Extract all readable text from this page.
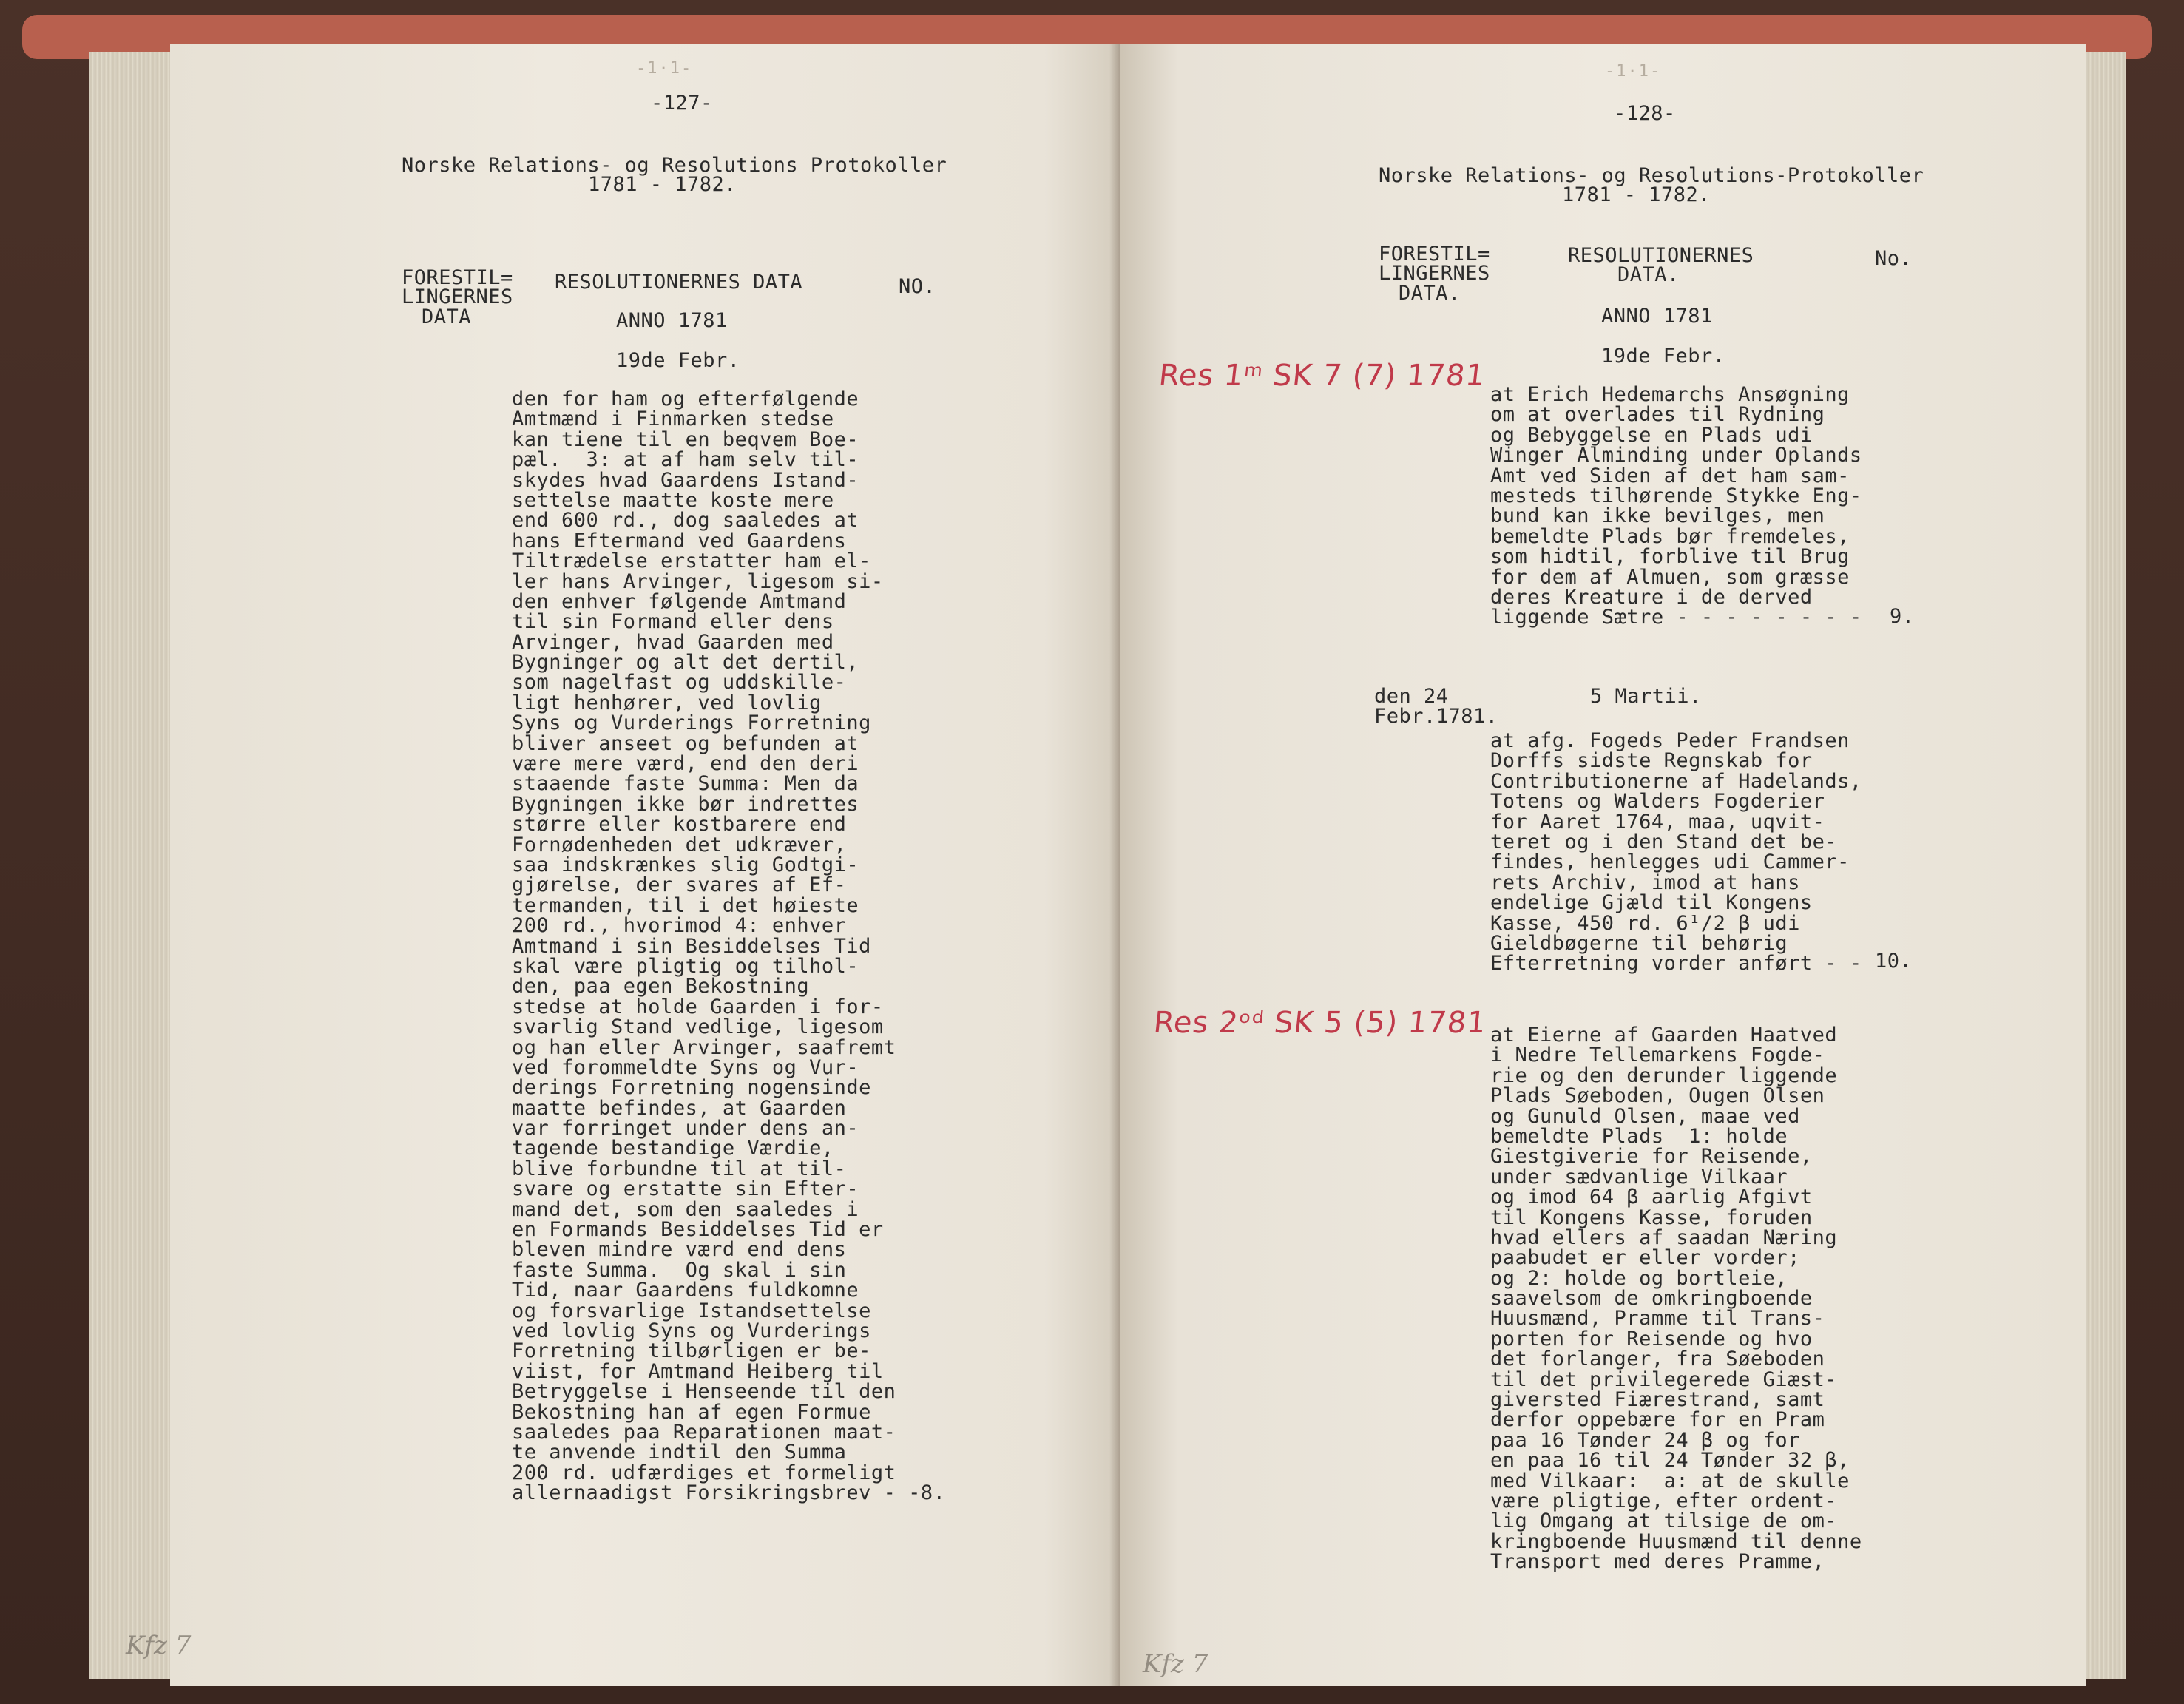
-1·1-
-127-
Norske Relations- og Resolutions Protokoller
1781 - 1782.
FORESTIL=
LINGERNES
DATA
RESOLUTIONERNES DATA	NO.
ANNO 1781
19de Febr.
den for ham og efterfølgende
Amtmænd i Finmarken stedse
kan tiene til en beqvem Boe-
pæl.  3: at af ham selv til-
skydes hvad Gaardens Istand-
settelse maatte koste mere
end 600 rd., dog saaledes at
hans Eftermand ved Gaardens
Tiltrædelse erstatter ham el-
ler hans Arvinger, ligesom si-
den enhver følgende Amtmand
til sin Formand eller dens
Arvinger, hvad Gaarden med
Bygninger og alt det dertil,
som nagelfast og uddskille-
ligt henhører, ved lovlig
Syns og Vurderings Forretning
bliver anseet og befunden at
være mere værd, end den deri
staaende faste Summa: Men da
Bygningen ikke bør indrettes
større eller kostbarere end
Fornødenheden det udkræver,
saa indskrænkes slig Godtgi-
gjørelse, der svares af Ef-
termanden, til i det høieste
200 rd., hvorimod 4: enhver
Amtmand i sin Besiddelses Tid
skal være pligtig og tilhol-
den, paa egen Bekostning
stedse at holde Gaarden i for-
svarlig Stand vedlige, ligesom
og han eller Arvinger, saafremt
ved forommeldte Syns og Vur-
derings Forretning nogensinde
maatte befindes, at Gaarden
var forringet under dens an-
tagende bestandige Værdie,
blive forbundne til at til-
svare og erstatte sin Efter-
mand det, som den saaledes i
en Formands Besiddelses Tid er
bleven mindre værd end dens
faste Summa.  Og skal i sin
Tid, naar Gaardens fuldkomne
og forsvarlige Istandsettelse
ved lovlig Syns og Vurderings
Forretning tilbørligen er be-
viist, for Amtmand Heiberg til
Betryggelse i Henseende til den
Bekostning han af egen Formue
saaledes paa Reparationen maat-
te anvende indtil den Summa
200 rd. udfærdiges et formeligt
allernaadigst Forsikringsbrev - -8.
Kfz 7
-1·1-
-128-
Norske Relations- og Resolutions-Protokoller
1781 - 1782.
FORESTIL=
LINGERNES
DATA.
RESOLUTIONERNES
DATA.
No.
ANNO 1781
19de Febr.
Res 1ᵐ SK 7 (7) 1781
at Erich Hedemarchs Ansøgning
om at overlades til Rydning
og Bebyggelse en Plads udi
Winger Alminding under Oplands
Amt ved Siden af det ham sam-
mesteds tilhørende Stykke Eng-
bund kan ikke bevilges, men
bemeldte Plads bør fremdeles,
som hidtil, forblive til Brug
for dem af Almuen, som græsse
deres Kreature i de derved
liggende Sætre - - - - - - - - 9.
den 24
Febr.1781.
5 Martii.
at afg. Fogeds Peder Frandsen
Dorffs sidste Regnskab for
Contributionerne af Hadelands,
Totens og Walders Fogderier
for Aaret 1764, maa, uqvit-
teret og i den Stand det be-
findes, henlegges udi Cammer-
rets Archiv, imod at hans
endelige Gjæld til Kongens
Kasse, 450 rd. 6¹/2 β udi
Gieldbøgerne til behørig
Efterretning vorder anført - - 10.
Res 2ᵒᵈ SK 5 (5) 1781 at Eierne af Gaarden Haatved
i Nedre Tellemarkens Fogde-
rie og den derunder liggende
Plads Søeboden, Ougen Olsen
og Gunuld Olsen, maae ved
bemeldte Plads  1: holde
Giestgiverie for Reisende,
under sædvanlige Vilkaar
og imod 64 β aarlig Afgivt
til Kongens Kasse, foruden
hvad ellers af saadan Næring
paabudet er eller vorder;
og 2: holde og bortleie,
saavelsom de omkringboende
Huusmænd, Pramme til Trans-
porten for Reisende og hvo
det forlanger, fra Søeboden
til det privilegerede Giæst-
giversted Fiærestrand, samt
derfor oppebære for en Pram
paa 16 Tønder 24 β og for
en paa 16 til 24 Tønder 32 β,
med Vilkaar:  a: at de skulle
være pligtige, efter ordent-
lig Omgang at tilsige de om-
kringboende Huusmænd til denne
Transport med deres Pramme,
Kfz 7
